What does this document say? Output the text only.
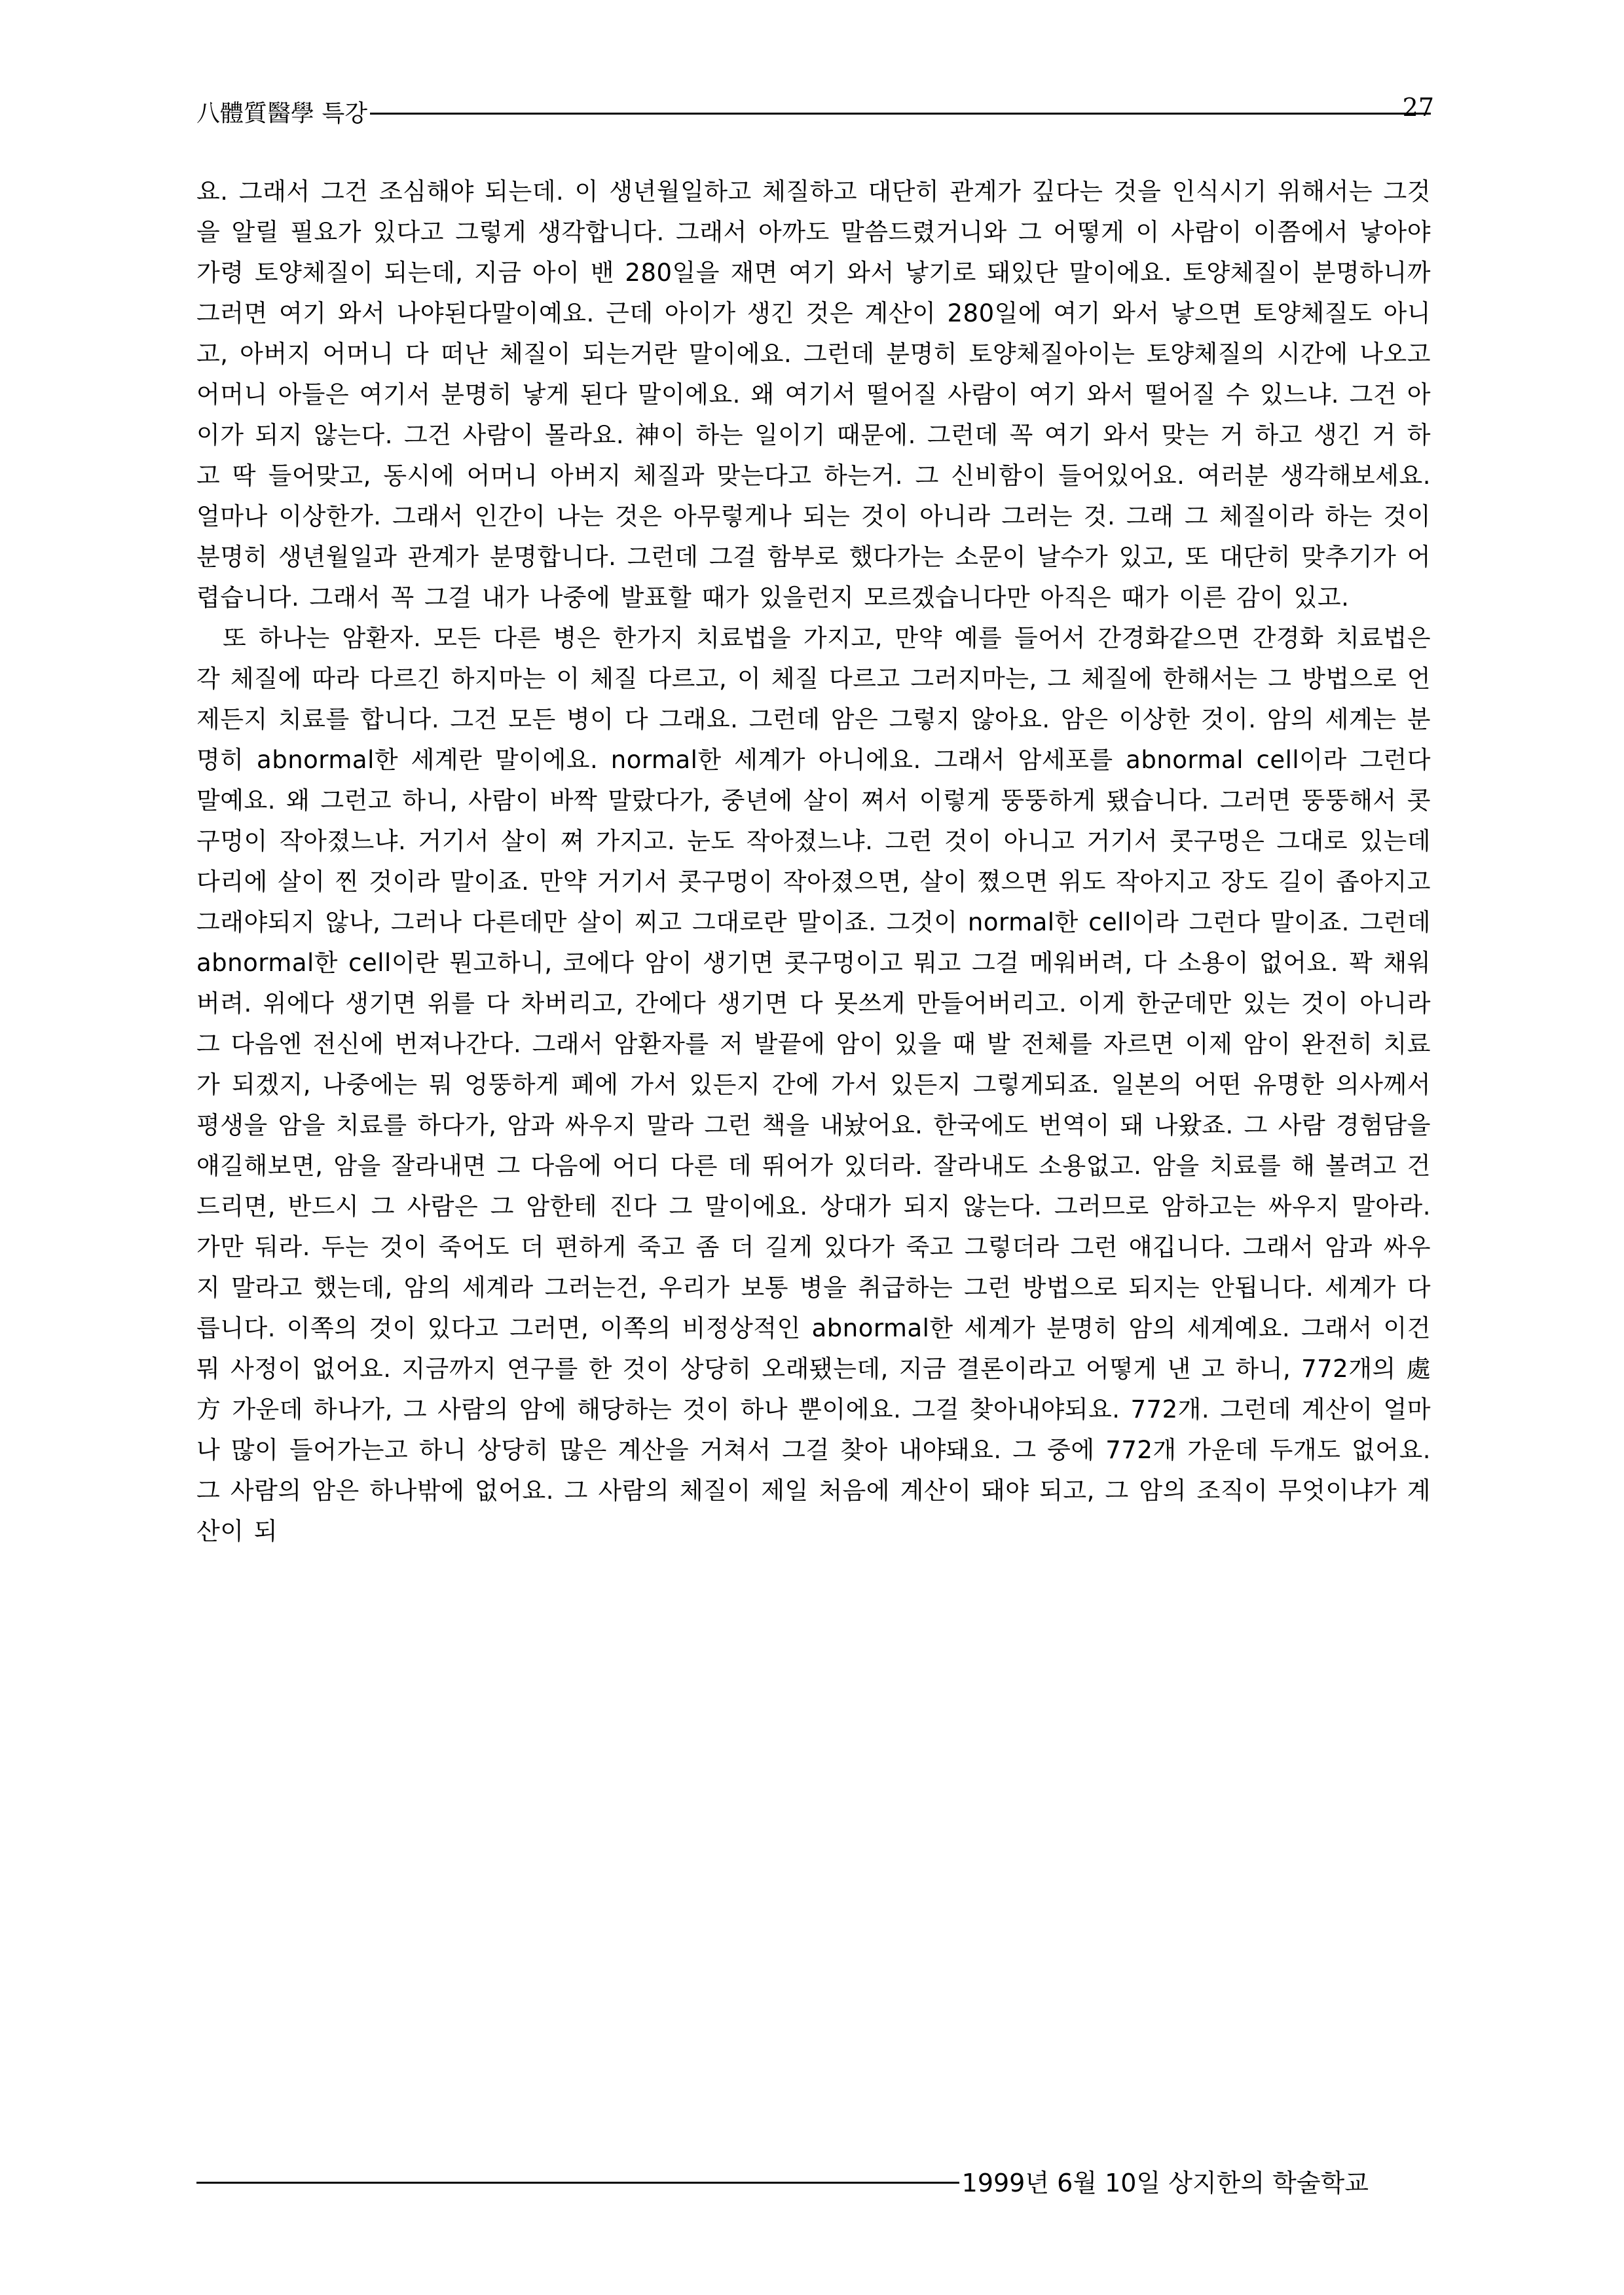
八體質醫學 특강	27

요. 그래서 그건 조심해야 되는데. 이 생년월일하고 체질하고 대단히 관계가 깊다는 것을 인식시기 위해서는 그것을 알릴 필요가 있다고 그렇게 생각합니다. 그래서 아까도 말씀드렸거니와 그 어떻게 이 사람이 이쯤에서 낳아야 가령 토양체질이 되는데, 지금 아이 밴 280일을 재면 여기 와서 낳기로 돼있단 말이에요. 토양체질이 분명하니까 그러면 여기 와서 나야된다말이예요. 근데 아이가 생긴 것은 계산이 280일에 여기 와서 낳으면 토양체질도 아니고, 아버지 어머니 다 떠난 체질이 되는거란 말이에요. 그런데 분명히 토양체질아이는 토양체질의 시간에 나오고 어머니 아들은 여기서 분명히 낳게 된다 말이에요. 왜 여기서 떨어질 사람이 여기 와서 떨어질 수 있느냐. 그건 아이가 되지 않는다. 그건 사람이 몰라요. 神이 하는 일이기 때문에. 그런데 꼭 여기 와서 맞는 거 하고 생긴 거 하고 딱 들어맞고, 동시에 어머니 아버지 체질과 맞는다고 하는거. 그 신비함이 들어있어요. 여러분 생각해보세요. 얼마나 이상한가. 그래서 인간이 나는 것은 아무렇게나 되는 것이 아니라 그러는 것. 그래 그 체질이라 하는 것이 분명히 생년월일과 관계가 분명합니다. 그런데 그걸 함부로 했다가는 소문이 날수가 있고, 또 대단히 맞추기가 어렵습니다. 그래서 꼭 그걸 내가 나중에 발표할 때가 있을런지 모르겠습니다만 아직은 때가 이른 감이 있고.

또 하나는 암환자. 모든 다른 병은 한가지 치료법을 가지고, 만약 예를 들어서 간경화같으면 간경화 치료법은 각 체질에 따라 다르긴 하지마는 이 체질 다르고, 이 체질 다르고 그러지마는, 그 체질에 한해서는 그 방법으로 언제든지 치료를 합니다. 그건 모든 병이 다 그래요. 그런데 암은 그렇지 않아요. 암은 이상한 것이. 암의 세계는 분명히 abnormal한 세계란 말이에요. normal한 세계가 아니에요. 그래서 암세포를 abnormal cell이라 그런다 말예요. 왜 그런고 하니, 사람이 바짝 말랐다가, 중년에 살이 쪄서 이렇게 뚱뚱하게 됐습니다. 그러면 뚱뚱해서 콧구멍이 작아졌느냐. 거기서 살이 쪄 가지고. 눈도 작아졌느냐. 그런 것이 아니고 거기서 콧구멍은 그대로 있는데 다리에 살이 찐 것이라 말이죠. 만약 거기서 콧구멍이 작아졌으면, 살이 쪘으면 위도 작아지고 장도 길이 좁아지고 그래야되지 않나, 그러나 다른데만 살이 찌고 그대로란 말이죠. 그것이 normal한 cell이라 그런다 말이죠. 그런데 abnormal한 cell이란 뭔고하니, 코에다 암이 생기면 콧구멍이고 뭐고 그걸 메워버려, 다 소용이 없어요. 꽉 채워버려. 위에다 생기면 위를 다 차버리고, 간에다 생기면 다 못쓰게 만들어버리고. 이게 한군데만 있는 것이 아니라 그 다음엔 전신에 번져나간다. 그래서 암환자를 저 발끝에 암이 있을 때 발 전체를 자르면 이제 암이 완전히 치료가 되겠지, 나중에는 뭐 엉뚱하게 폐에 가서 있든지 간에 가서 있든지 그렇게되죠. 일본의 어떤 유명한 의사께서 평생을 암을 치료를 하다가, 암과 싸우지 말라 그런 책을 내놨어요. 한국에도 번역이 돼 나왔죠. 그 사람 경험담을 얘길해보면, 암을 잘라내면 그 다음에 어디 다른 데 뛰어가 있더라. 잘라내도 소용없고. 암을 치료를 해 볼려고 건드리면, 반드시 그 사람은 그 암한테 진다 그 말이에요. 상대가 되지 않는다. 그러므로 암하고는 싸우지 말아라. 가만 둬라. 두는 것이 죽어도 더 편하게 죽고 좀 더 길게 있다가 죽고 그렇더라 그런 얘깁니다. 그래서 암과 싸우지 말라고 했는데, 암의 세계라 그러는건, 우리가 보통 병을 취급하는 그런 방법으로 되지는 안됩니다. 세계가 다릅니다. 이쪽의 것이 있다고 그러면, 이쪽의 비정상적인 abnormal한 세계가 분명히 암의 세계예요. 그래서 이건 뭐 사정이 없어요. 지금까지 연구를 한 것이 상당히 오래됐는데, 지금 결론이라고 어떻게 낸 고 하니, 772개의 處方 가운데 하나가, 그 사람의 암에 해당하는 것이 하나 뿐이에요. 그걸 찾아내야되요. 772개. 그런데 계산이 얼마나 많이 들어가는고 하니 상당히 많은 계산을 거쳐서 그걸 찾아 내야돼요. 그 중에 772개 가운데 두개도 없어요. 그 사람의 암은 하나밖에 없어요. 그 사람의 체질이 제일 처음에 계산이 돼야 되고, 그 암의 조직이 무엇이냐가 계산이 되

1999년 6월 10일 상지한의 학술학교
